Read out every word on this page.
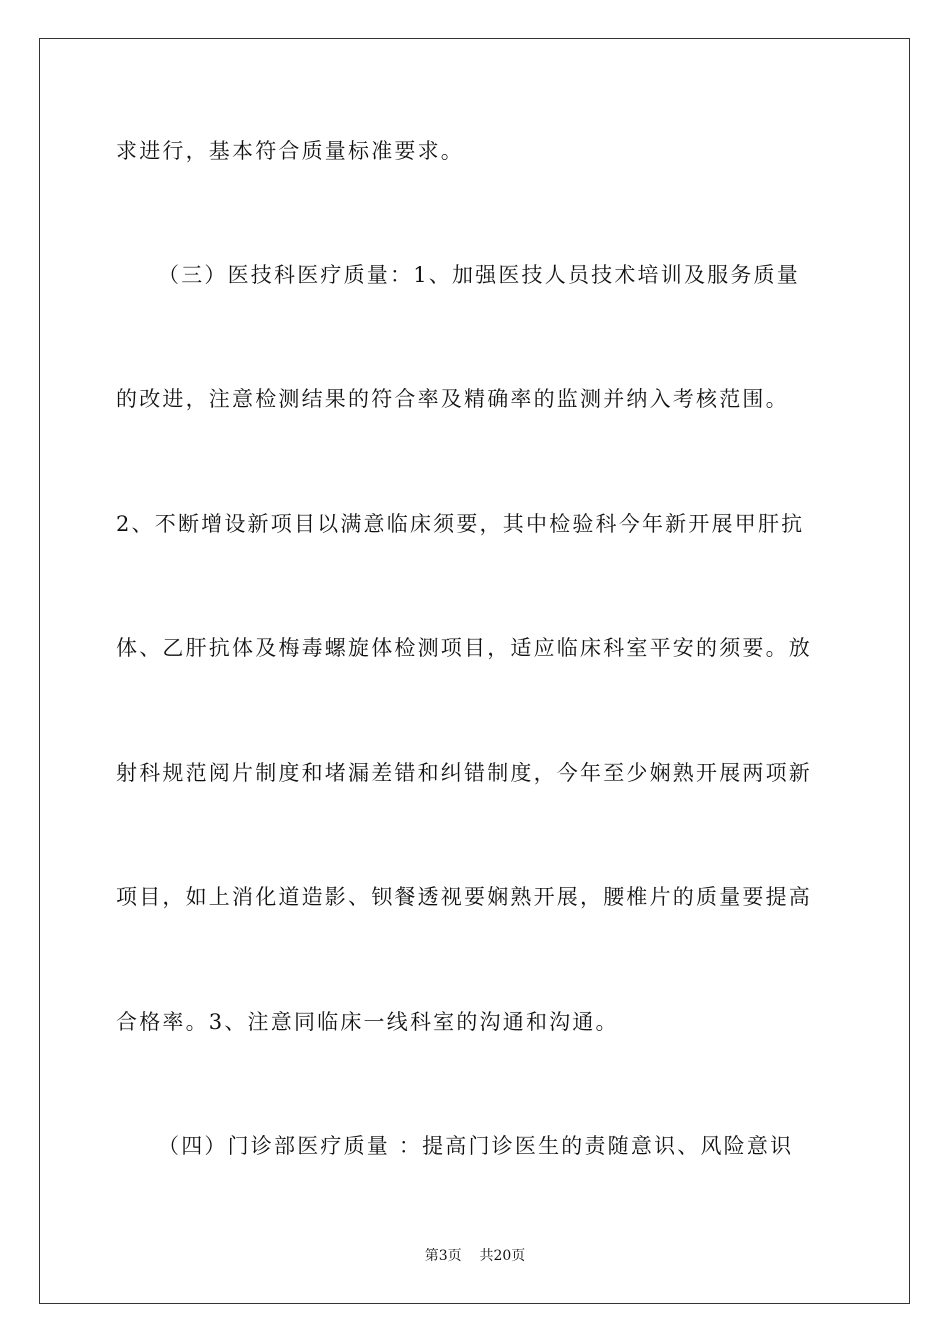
求进行，基本符合质量标准要求。
（三）医技科医疗质量：1、加强医技人员技术培训及服务质量
的改进，注意检测结果的符合率及精确率的监测并纳入考核范围。
2、不断增设新项目以满意临床须要，其中检验科今年新开展甲肝抗
体、乙肝抗体及梅毒螺旋体检测项目，适应临床科室平安的须要。放
射科规范阅片制度和堵漏差错和纠错制度，今年至少娴熟开展两项新
项目，如上消化道造影、钡餐透视要娴熟开展，腰椎片的质量要提高
合格率。3、注意同临床一线科室的沟通和沟通。
（四）门诊部医疗质量 ：提高门诊医生的责随意识、风险意识
第3页    共20页
